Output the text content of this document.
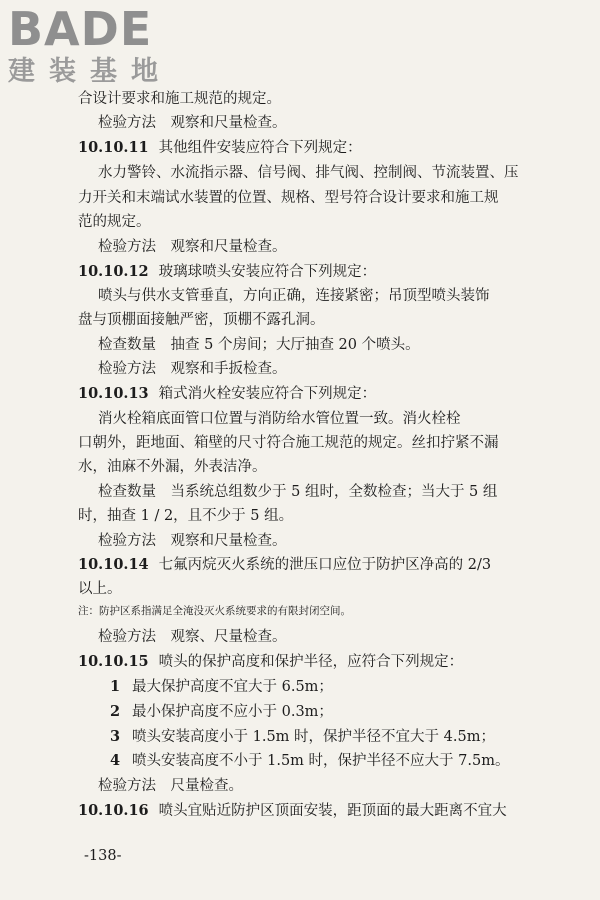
BADE
建装基地
合设计要求和施工规范的规定。
检验方法　观察和尺量检查。
10.10.11 其他组件安装应符合下列规定：
水力警铃、水流指示器、信号阀、排气阀、控制阀、节流装置、压
力开关和末端试水装置的位置、规格、型号符合设计要求和施工规
范的规定。
检验方法　观察和尺量检查。
10.10.12 玻璃球喷头安装应符合下列规定：
喷头与供水支管垂直，方向正确，连接紧密；吊顶型喷头装饰
盘与顶棚面接触严密，顶棚不露孔洞。
检查数量　抽查 5 个房间；大厅抽查 20 个喷头。
检验方法　观察和手扳检查。
10.10.13 箱式消火栓安装应符合下列规定：
消火栓箱底面管口位置与消防给水管位置一致。消火栓栓
口朝外，距地面、箱壁的尺寸符合施工规范的规定。丝扣拧紧不漏
水，油麻不外漏，外表洁净。
检查数量　当系统总组数少于 5 组时，全数检查；当大于 5 组
时，抽查 1 / 2，且不少于 5 组。
检验方法　观察和尺量检查。
10.10.14 七氟丙烷灭火系统的泄压口应位于防护区净高的 2/3
以上。
注：防护区系指满足全淹没灭火系统要求的有限封闭空间。
检验方法　观察、尺量检查。
10.10.15 喷头的保护高度和保护半径，应符合下列规定：
1 最大保护高度不宜大于 6.5m；
2 最小保护高度不应小于 0.3m；
3 喷头安装高度小于 1.5m 时，保护半径不宜大于 4.5m；
4 喷头安装高度不小于 1.5m 时，保护半径不应大于 7.5m。
检验方法　尺量检查。
10.10.16 喷头宜贴近防护区顶面安装，距顶面的最大距离不宜大
-138-
